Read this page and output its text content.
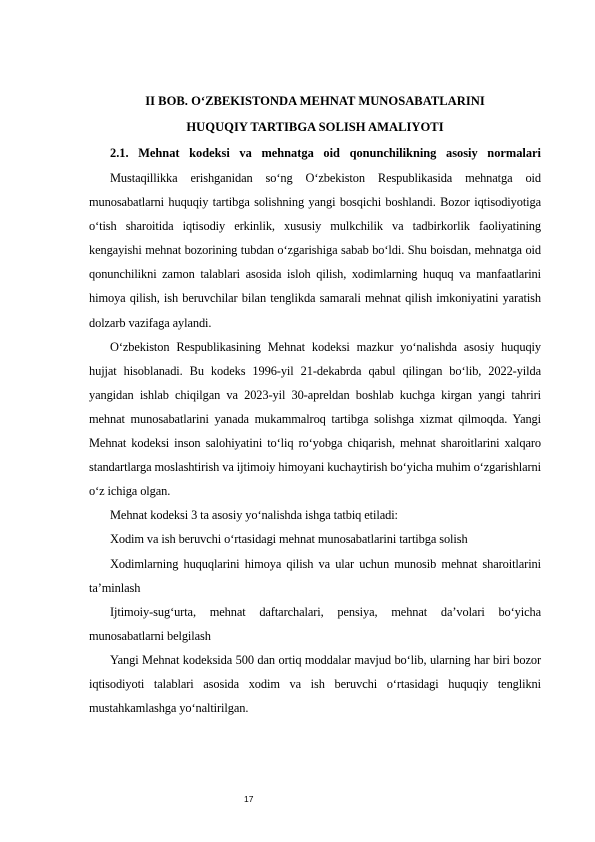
II BOB. O‘ZBEKISTONDA MEHNAT MUNOSABATLARINI
HUQUQIY TARTIBGA SOLISH AMALIYOTI
2.1. Mehnat kodeksi va mehnatga oid qonunchilikning asosiy normalari

Mustaqillikka erishganidan so‘ng O‘zbekiston Respublikasida mehnatga oid munosabatlarni huquqiy tartibga solishning yangi bosqichi boshlandi. Bozor iqtisodiyotiga o‘tish sharoitida iqtisodiy erkinlik, xususiy mulkchilik va tadbirkorlik faoliyatining kengayishi mehnat bozorining tubdan o‘zgarishiga sabab bo‘ldi. Shu boisdan, mehnatga oid qonunchilikni zamon talablari asosida isloh qilish, xodimlarning huquq va manfaatlarini himoya qilish, ish beruvchilar bilan tenglikda samarali mehnat qilish imkoniyatini yaratish dolzarb vazifaga aylandi.

O‘zbekiston Respublikasining Mehnat kodeksi mazkur yo‘nalishda asosiy huquqiy hujjat hisoblanadi. Bu kodeks 1996-yil 21-dekabrda qabul qilingan bo‘lib, 2022-yilda yangidan ishlab chiqilgan va 2023-yil 30-apreldan boshlab kuchga kirgan yangi tahriri mehnat munosabatlarini yanada mukammalroq tartibga solishga xizmat qilmoqda. Yangi Mehnat kodeksi inson salohiyatini to‘liq ro‘yobga chiqarish, mehnat sharoitlarini xalqaro standartlarga moslashtirish va ijtimoiy himoyani kuchaytirish bo‘yicha muhim o‘zgarishlarni o‘z ichiga olgan.

Mehnat kodeksi 3 ta asosiy yo‘nalishda ishga tatbiq etiladi:

Xodim va ish beruvchi o‘rtasidagi mehnat munosabatlarini tartibga solish

Xodimlarning huquqlarini himoya qilish va ular uchun munosib mehnat sharoitlarini ta’minlash

Ijtimoiy-sug‘urta, mehnat daftarchalari, pensiya, mehnat da’volari bo‘yicha munosabatlarni belgilash

Yangi Mehnat kodeksida 500 dan ortiq moddalar mavjud bo‘lib, ularning har biri bozor iqtisodiyoti talablari asosida xodim va ish beruvchi o‘rtasidagi huquqiy tenglikni mustahkamlashga yo‘naltirilgan.

17
